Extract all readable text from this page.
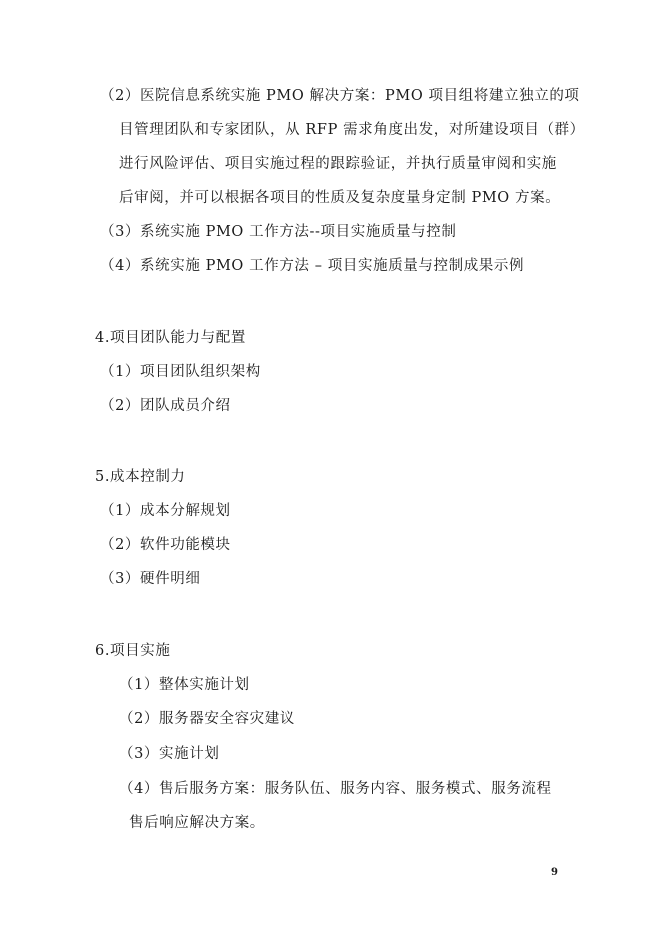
（2）医院信息系统实施 PMO 解决方案：PMO 项目组将建立独立的项
目管理团队和专家团队，从 RFP 需求角度出发，对所建设项目（群）
进行风险评估、项目实施过程的跟踪验证，并执行质量审阅和实施
后审阅，并可以根据各项目的性质及复杂度量身定制 PMO 方案。
（3）系统实施 PMO 工作方法--项目实施质量与控制
（4）系统实施 PMO 工作方法 – 项目实施质量与控制成果示例
4.项目团队能力与配置
（1）项目团队组织架构
（2）团队成员介绍
5.成本控制力
（1）成本分解规划
（2）软件功能模块
（3）硬件明细
6.项目实施
（1）整体实施计划
（2）服务器安全容灾建议
（3）实施计划
（4）售后服务方案：服务队伍、服务内容、服务模式、服务流程
售后响应解决方案。
9
